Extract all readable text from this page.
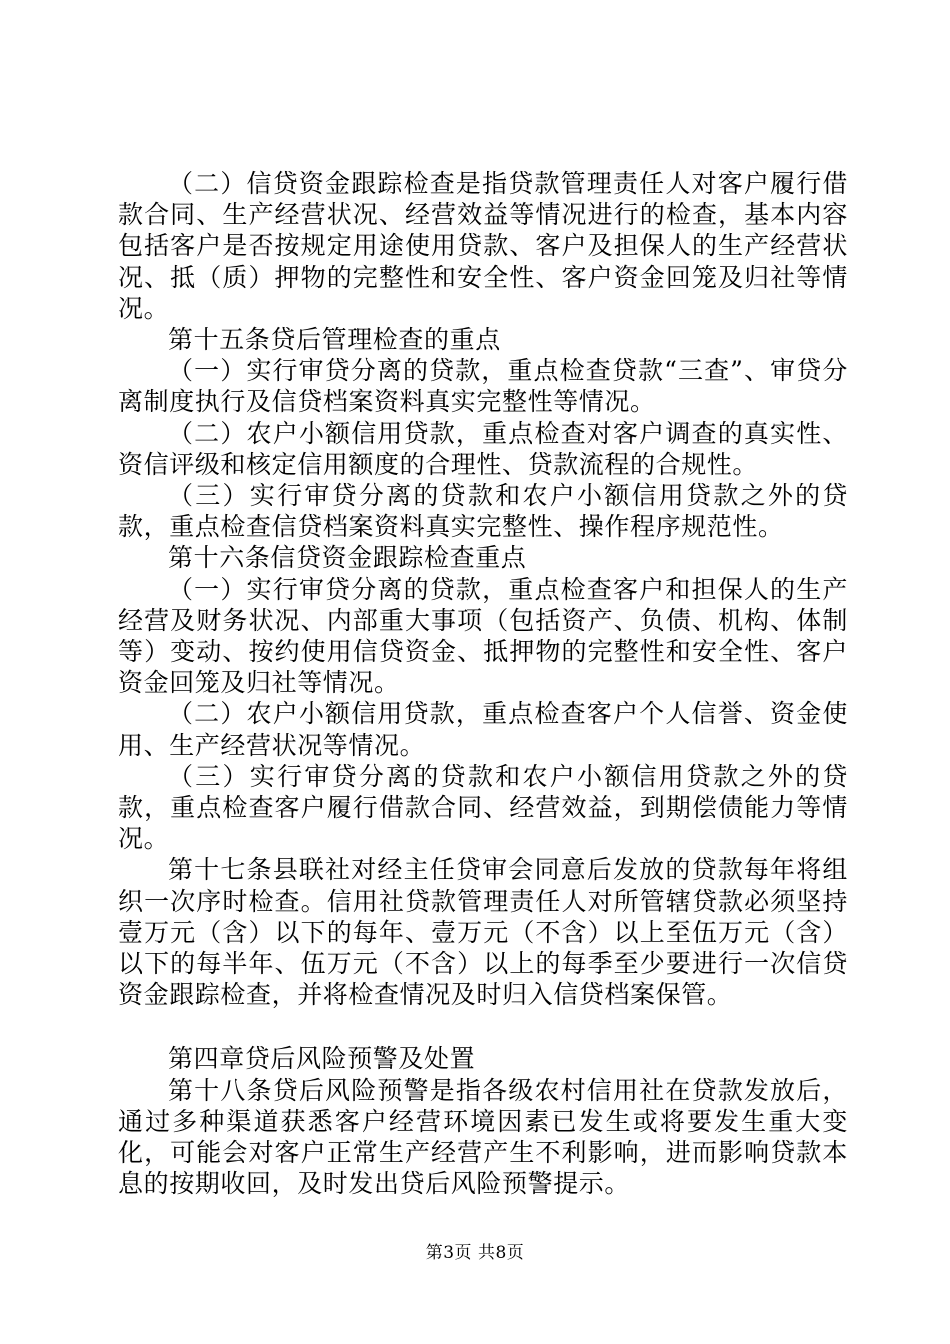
（二）信贷资金跟踪检查是指贷款管理责任人对客户履行借款合同、生产经营状况、经营效益等情况进行的检查，基本内容包括客户是否按规定用途使用贷款、客户及担保人的生产经营状况、抵（质）押物的完整性和安全性、客户资金回笼及归社等情况。

第十五条贷后管理检查的重点

（一）实行审贷分离的贷款，重点检查贷款“三查”、审贷分离制度执行及信贷档案资料真实完整性等情况。

（二）农户小额信用贷款，重点检查对客户调查的真实性、资信评级和核定信用额度的合理性、贷款流程的合规性。

（三）实行审贷分离的贷款和农户小额信用贷款之外的贷款，重点检查信贷档案资料真实完整性、操作程序规范性。

第十六条信贷资金跟踪检查重点

（一）实行审贷分离的贷款，重点检查客户和担保人的生产经营及财务状况、内部重大事项（包括资产、负债、机构、体制等）变动、按约使用信贷资金、抵押物的完整性和安全性、客户资金回笼及归社等情况。

（二）农户小额信用贷款，重点检查客户个人信誉、资金使用、生产经营状况等情况。

（三）实行审贷分离的贷款和农户小额信用贷款之外的贷款，重点检查客户履行借款合同、经营效益，到期偿债能力等情况。

第十七条县联社对经主任贷审会同意后发放的贷款每年将组织一次序时检查。信用社贷款管理责任人对所管辖贷款必须坚持壹万元（含）以下的每年、壹万元（不含）以上至伍万元（含）以下的每半年、伍万元（不含）以上的每季至少要进行一次信贷资金跟踪检查，并将检查情况及时归入信贷档案保管。

第四章贷后风险预警及处置

第十八条贷后风险预警是指各级农村信用社在贷款发放后，通过多种渠道获悉客户经营环境因素已发生或将要发生重大变化，可能会对客户正常生产经营产生不利影响，进而影响贷款本息的按期收回，及时发出贷后风险预警提示。

第3页 共8页
